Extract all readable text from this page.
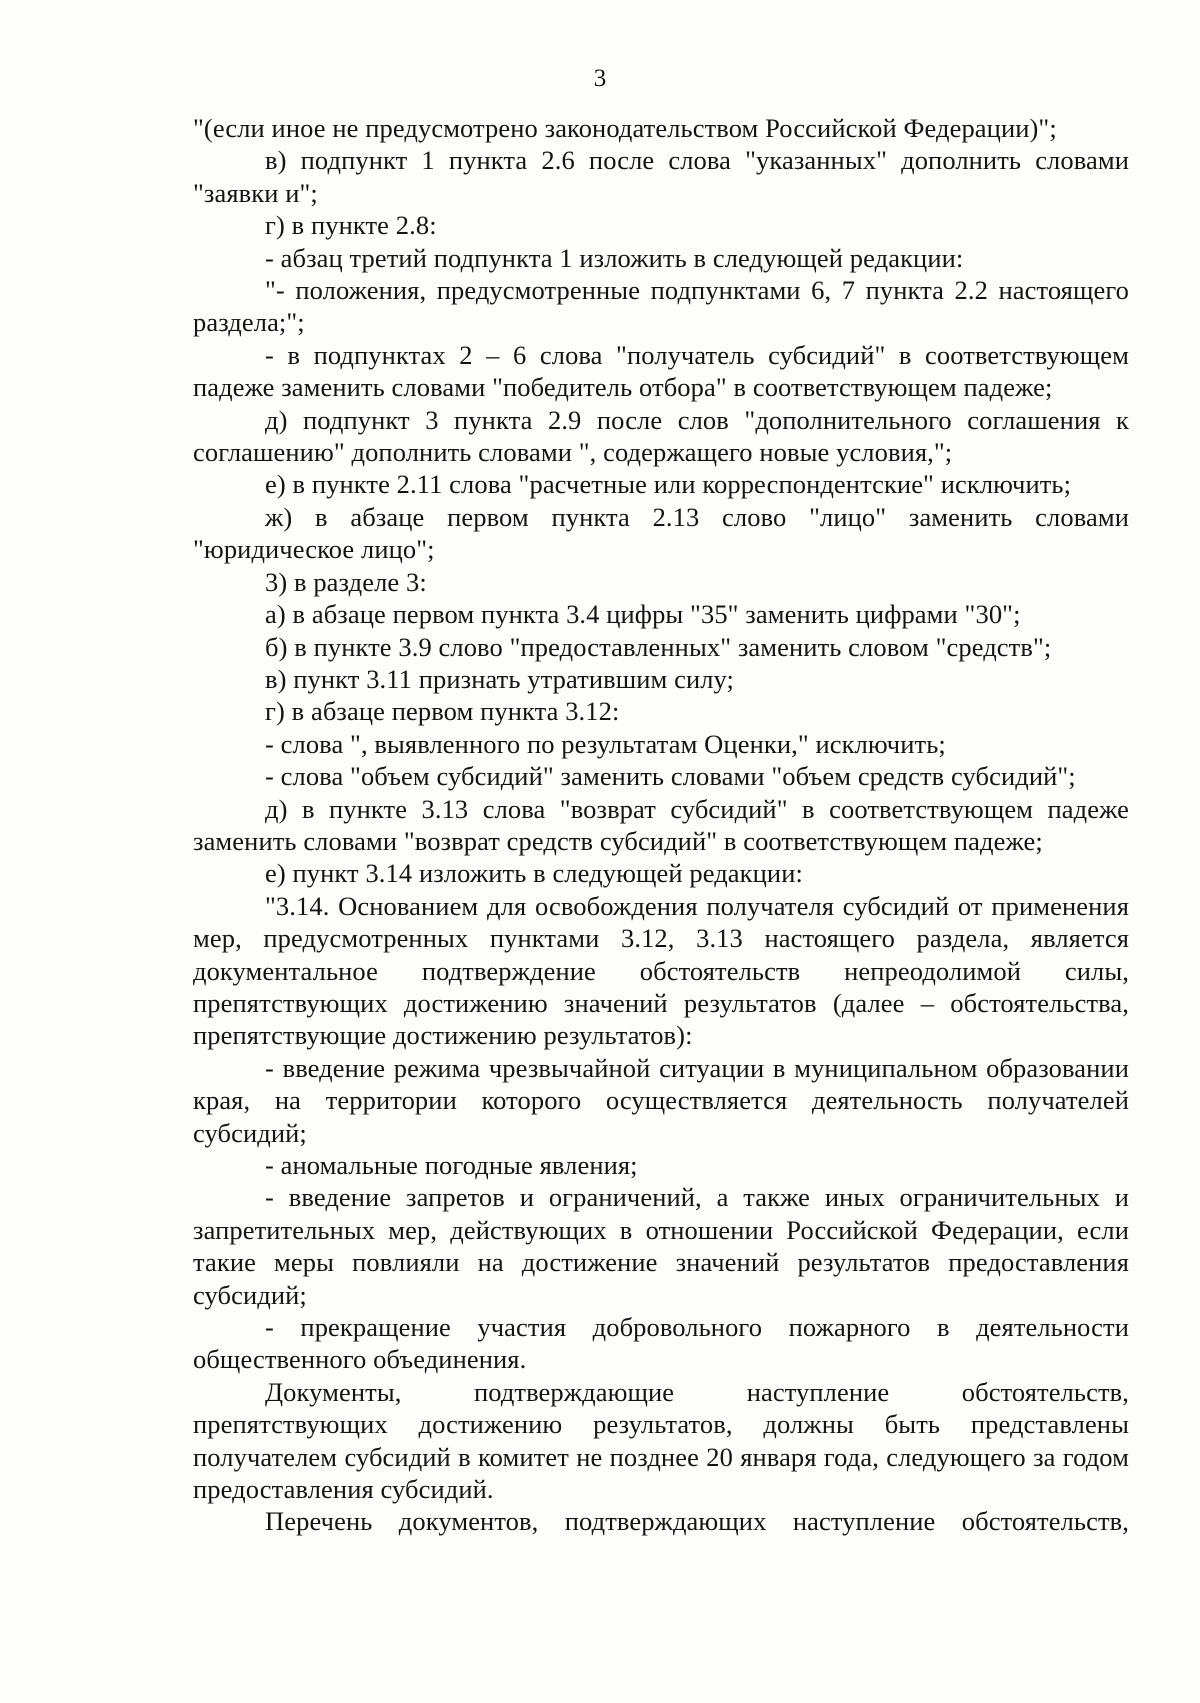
3

"(если иное не предусмотрено законодательством Российской Федерации)";

в) подпункт 1 пункта 2.6 после слова "указанных" дополнить словами "заявки и";

г) в пункте 2.8:

- абзац третий подпункта 1 изложить в следующей редакции:

"- положения, предусмотренные подпунктами 6, 7 пункта 2.2 настоящего раздела;";

- в подпунктах 2 – 6 слова "получатель субсидий" в соответствующем падеже заменить словами "победитель отбора" в соответствующем падеже;

д) подпункт 3 пункта 2.9 после слов "дополнительного соглашения к соглашению" дополнить словами ", содержащего новые условия,";

е) в пункте 2.11 слова "расчетные или корреспондентские" исключить;

ж) в абзаце первом пункта 2.13 слово "лицо" заменить словами "юридическое лицо";

3) в разделе 3:

а) в абзаце первом пункта 3.4 цифры "35" заменить цифрами "30";

б) в пункте 3.9 слово "предоставленных" заменить словом "средств";

в) пункт 3.11 признать утратившим силу;

г) в абзаце первом пункта 3.12:

- слова ", выявленного по результатам Оценки," исключить;

- слова "объем субсидий" заменить словами "объем средств субсидий";

д) в пункте 3.13 слова "возврат субсидий" в соответствующем падеже заменить словами "возврат средств субсидий" в соответствующем падеже;

е) пункт 3.14 изложить в следующей редакции:

"3.14. Основанием для освобождения получателя субсидий от применения мер, предусмотренных пунктами 3.12, 3.13 настоящего раздела, является документальное подтверждение обстоятельств непреодолимой силы, препятствующих достижению значений результатов (далее – обстоятельства, препятствующие достижению результатов):

- введение режима чрезвычайной ситуации в муниципальном образовании края, на территории которого осуществляется деятельность получателей субсидий;

- аномальные погодные явления;

- введение запретов и ограничений, а также иных ограничительных и запретительных мер, действующих в отношении Российской Федерации, если такие меры повлияли на достижение значений результатов предоставления субсидий;

- прекращение участия добровольного пожарного в деятельности общественного объединения.

Документы, подтверждающие наступление обстоятельств, препятствующих достижению результатов, должны быть представлены получателем субсидий в комитет не позднее 20 января года, следующего за годом предоставления субсидий.

Перечень документов, подтверждающих наступление обстоятельств,
